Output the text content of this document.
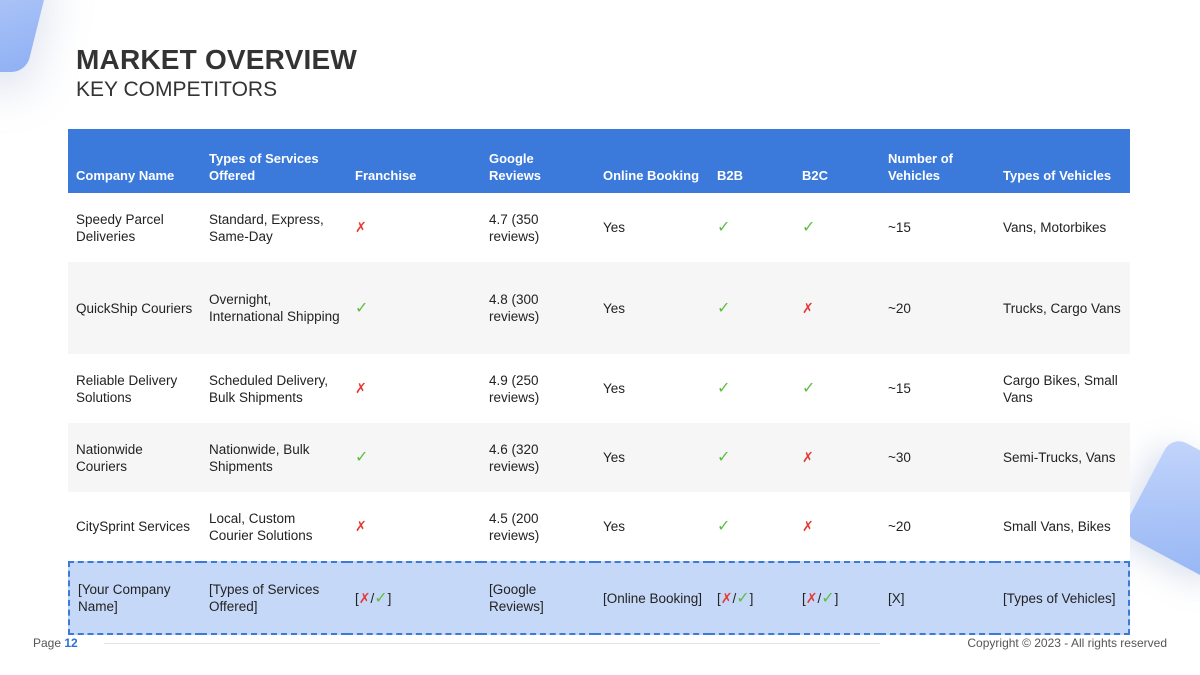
MARKET OVERVIEW
KEY COMPETITORS
Company Name	Types of Services Offered	Franchise	Google Reviews	Online Booking	B2B	B2C	Number of Vehicles	Types of Vehicles
Speedy Parcel Deliveries	Standard, Express, Same-Day	✗	4.7 (350 reviews)	Yes	✓	✓	~15	Vans, Motorbikes
QuickShip Couriers	Overnight, International Shipping	✓	4.8 (300 reviews)	Yes	✓	✗	~20	Trucks, Cargo Vans
Reliable Delivery Solutions	Scheduled Delivery, Bulk Shipments	✗	4.9 (250 reviews)	Yes	✓	✓	~15	Cargo Bikes, Small Vans
Nationwide Couriers	Nationwide, Bulk Shipments	✓	4.6 (320 reviews)	Yes	✓	✗	~30	Semi-Trucks, Vans
CitySprint Services	Local, Custom Courier Solutions	✗	4.5 (200 reviews)	Yes	✓	✗	~20	Small Vans, Bikes
[Your Company Name]	[Types of Services Offered]	[✗/✓]	[Google Reviews]	[Online Booking]	[✗/✓]	[✗/✓]	[X]	[Types of Vehicles]
Page 12	Copyright © 2023 - All rights reserved
